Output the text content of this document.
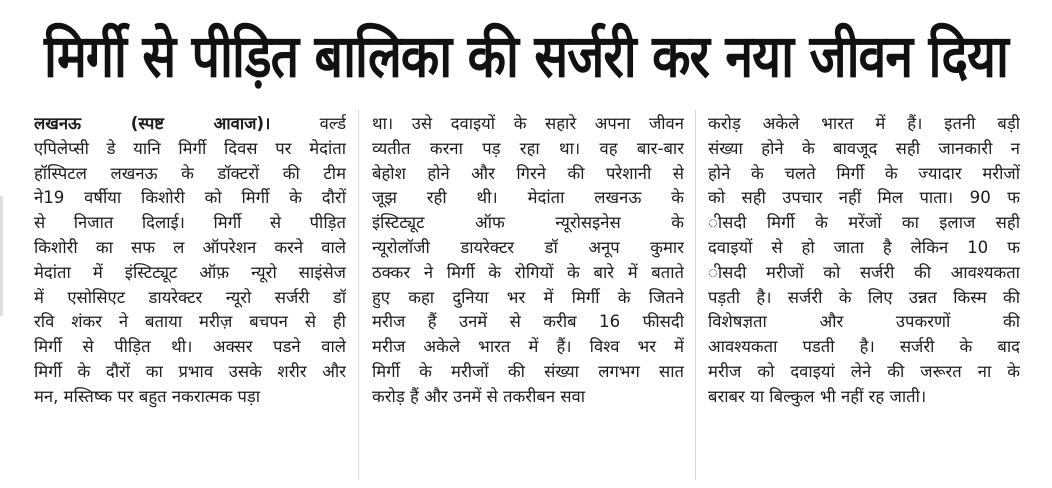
मिर्गी से पीड़ित बालिका की सर्जरी कर नया जीवन दिया
लखनऊ (स्पष्ट आवाज)। वर्ल्ड
एपिलेप्सी डे यानि मिर्गी दिवस पर मेदांता
हॉस्पिटल लखनऊ के डॉक्टरों की टीम
ने19 वर्षीया किशोरी को मिर्गी के दौरों
से निजात दिलाई। मिर्गी से पीड़ित
किशोरी का सफ ल ऑपरेशन करने वाले
मेदांता में इंस्टिट्यूट ऑफ़ न्यूरो साइंसेज
में एसोसिएट डायरेक्टर न्यूरो सर्जरी डॉ
रवि शंकर ने बताया मरीज़ बचपन से ही
मिर्गी से पीड़ित थी। अक्सर पडने वाले
मिर्गी के दौरों का प्रभाव उसके शरीर और
मन, मस्तिष्क पर बहुत नकरात्मक पड़ा
था। उसे दवाइयों के सहारे अपना जीवन
व्यतीत करना पड़ रहा था। वह बार-बार
बेहोश होने और गिरने की परेशानी से
जूझ रही थी। मेदांता लखनऊ के
इंस्टिट्यूट ऑफ न्यूरोसइनेस के
न्यूरोलॉजी डायरेक्टर डॉ अनूप कुमार
ठक्कर ने मिर्गी के रोगियों के बारे में बताते
हुए कहा दुनिया भर में मिर्गी के जितने
मरीज हैं उनमें से करीब 16 फीसदी
मरीज अकेले भारत में हैं। विश्व भर में
मिर्गी के मरीजों की संख्या लगभग सात
करोड़ हैं और उनमें से तकरीबन सवा
करोड़ अकेले भारत में हैं। इतनी बड़ी
संख्या होने के बावजूद सही जानकारी न
होने के चलते मिर्गी के ज्यादार मरीजों
को सही उपचार नहीं मिल पाता। 90 फ
ीसदी मिर्गी के मरेंजों का इलाज सही
दवाइयों से हो जाता है लेकिन 10 फ
ीसदी मरीजों को सर्जरी की आवश्यकता
पड़ती है। सर्जरी के लिए उन्नत किस्म की
विशेषज्ञता और उपकरणों की
आवश्यकता पडती है। सर्जरी के बाद
मरीज को दवाइयां लेने की जरूरत ना के
बराबर या बिल्कुल भी नहीं रह जाती।
